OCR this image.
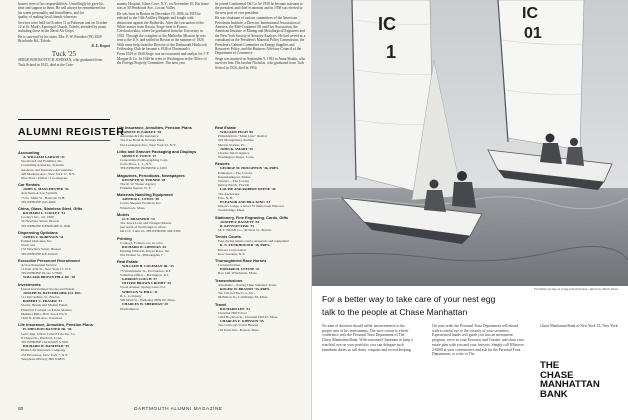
honors were of his responsibilities. Unwillingly he gave his time and support to them. He will always be remembered for his warm personality and friendliness, and for
quality of making loyal friends wherever
Services were held on October 11 at Patterson and on October 12 at St. Mark's Episcopal Church, Toledo, attended by many including those in the Naval Air Corps.
He is survived by his sister, Mrs. F. W. Paradise (59) 3029 Brookside Rd., Toledo.
R. E. Bogart
Tuck '25
SERGE BORISOVITCH JOHNSEN, who graduated from Tuck School in 1925, died at the Com-
munity Hospital, Glens Cove, N.Y., on November 10. His home was at 30 Pembrook Ave., Locust Valley.
He was born in Boston on December 19, 1896. In 1918 he enlisted in the 13th Artillery Brigade and fought with distinction against the Boilerriks. After the evacuation of the White armies from Russia, Serge went to France, Czechoslovakia, where he graduated from the University in 1925. Through the complete of the Methodist Mission he was sent to the U.S. and settled in Boston in the summer of 1926. With some help from the Director of the Dartmouth Hitchcock Fellowship Club he became a 1938 of Dartmouth's
From 1929 to 1940 Serge was an economist and analyst for J. P. Morgan & Co. In 1940 he went to Washington in the Office of the Foreign Property Committee. The next year
he joined Continental Oil Co. he 1958 he became assistant to the president and chief economist and in 1958 was elected to the new post of vice president.
He was chairman of various committees of the American Petroleum Institute; a Director, International Association of America, the Mid-Continent Oil and Gas Association, the American Institute of Mining and Metallurgical Engineers and the New York Society of Security Analysts. He had served as a consultant on the President's Material Policy Commission, the President's Cabinet Committee on Energy Supplies and Resources Policy, and the Business Advisory Council of the Department of Commerce.
Serge was married on September 9, 1933 to Anna Shakin, who survives him. His brother Nicholas, who graduated from Tuck School in 1926, died in 1954.
ALUMNI REGISTER
Accounting
A. WILLIAM LARSON '31
Woodward and Fondiller, Inc.
Consulting Actuaries, Systems
Analysis, and Insurance Accountants
420 Madison Ave., New York 17, N.Y.
New York • Dallas • Los Angeles
Car Rentals
JOHN G. MANCHESTER '33
Avis Rent-A-Car Systems
73 So. Main St., Hanover, N.H.
TELEPHONE 643-4060
China, Glass, Stainless Steel, Gifts
RICHARD L. COOLEY '41
Cooley's Inc., est. 1860
34 Newbury Street, Boston
TELEPHONE KENMORE 6-1646
Dispensing Opticians
JAMES V. ROBINSON '31
Pollard Opticians, Inc.
Street and
153 Newbury Street, Boston
TELEPHONE KE 6-0643
Executive Personnel Recruitment
Action Personnel Service
11 East 47th St., New York 17, N.Y.
TELEPHONE PLaza 3-7860
WILLIAM BROWN HILL JR. '28
Investments
Listed and Unlisted Stocks and Bonds
JOSEPH M. BATCHELDER CO. INC.
111 Devonshire St., Boston
ROBERT C. FRASER '37
Stocks, Bonds and Mutual Funds
Financial Counsel on Estate Matters
Member Phila.-Balt. Stock Exch.
1616 N. Palm Ave., Pasadena
Life Insurance, Annuities, Pension Plans
H. SHELDON BAXTER JR. '36
Genl. Mgr. Union Central Life Ins. Co.
8 Chapel St., Hartford, Conn.
TELEPHONE JACKSON 5-7601
RICHARD W. BANFIELD '35
Home Life Insurance Company
253 Broadway, New York 7, N.Y.
Telephone MUrray Hill 8-6855
Life Insurance, Annuities, Pension Plans
ERNEST H. EARLEY '18
Annuities & Life Insurance
Tax-free Bond & Savings Plans
641 Lexington Ave., New York 22, N.Y.
Litho and Gravure Packaging and Displays
SIDNEY F. VOICE '27
Consolidated Lithographing Corp.
Carle Place, L. I., N.Y.
TELEPHONE PIONEER 2-1200
Magazines, Periodicals, Newspapers
KENNETH W. TURNER '28
The R. W. Turner Agency
Franklin Square, N. Y.
Materials Handling Equipment
ARTHUR L. LEWIS '28
Lewis-Shepard Products, Inc.
Watertown, Mass.
Motels
O. E. BRAINERD '14
The Jones Lewi and Triangle Motels
just north of Northampton, Mass.
On U.S. 5 and 10, TELEPHONE 584-5300
Printing
Catalogs, Folders, etc. in color
RICHARD W. LIPPMAN '42
Printing Division, Kayes Press, Inc.
910 Walnut St., Philadelphia 7
Real Estate
WILLIAM H. COLEMAN JR. '25
75 Westminster St., Providence, R.I.
Suburban Office—Barrington, R.I.
GORDON COUCH '37
OLIVER BROWN CROSBY '35
Wood Avenue, Spring Lake, N.J.
WHELON W. HILL '11
R. L. Company
596 Main St., Wellesley Hills 82, Mass.
CHARLES W. SHERMAN '29
Northampton
Real Estate
WILLIAM PUGH '65
Philadelphia's "Main Line" Realtor
919 Montgomery Avenue
Merion Station, Pa.
JOHN K. SMART '35
Charles Smart Agency
Washington Depot, Conn.
Resorts
GEORGE M. HOUGHTON '36, PRES.
Innkeeper—The Colony
Kennebunkport, Maine
Winters—The Colony
Delray Beach, Florida
LOUISE AND ROBERT KEENE '30
The Anchorage
Erie, N. H.
ELEANOR AND BILL KING '23
Dixon's Lodge, a resort 55 miles from Hanover
Stockbridge, Mass.
Stationery, Fine Engraving, Cards, Gifts
JOSEPH F. BASSETT '35
R. KENYON FISK '35
M. T. Bird & Co., 39 West St., Boston
Tennis Courts
Fast-drying tennis courts, materials and equipment
R. N. FUNKHOUSER '38, PRES.
Har-tru Corporation
Kew Gardens, N.Y.
Thoroughbred Race Horses
Licensed trainer
EDWARD H. LEVINE '51
Box 148, Winchester, Mass.
Transmissions
Automatic—Saving Time Standard Trans.
ROGER W. BRANDT '33, PRES.
Tel. Oil and Fuel Co., Inc.
86 Belton St., Cambridge 39, Mass.
Travel
RICHARD LEE '51
Chestnut Hill Travel
1203 Boylston St., Chestnut Hill 67, Mass.
CHARLES F. JOHNSON '55
The Griswold Travel Bureau
116 Kent Ave., Boston, Mass.
80	DARTMOUTH ALUMNI MAGAZINE
IC
1
IC
01
Frostbite racing on Long Island Sound—photo by Mark Shaw
For a better way to take care of your nest egg
talk to the people at Chase Manhattan
No man of decision should suffer inconvenience to the proper care of his investments. The wise course is a brief conference with the Personal Trust Department of The Chase Manhattan Bank. With seasoned Chasemen to keep a watchful eye on your portfolio, you can delegate such humdrum duties as call dates, coupons and record keeping.
On your order the Personal Trust Department will attend with a careful eye to the custody of your securities. Experienced hands will guide you into an investment program, serve as your Executor and Trustee, and chart your estate plan with you and your lawyers. Simply call HAnover 2-6000 at your convenience and ask for the Personal Trust Department, or write to The
Chase Manhattan Bank at New York 15, New York.
THE
CHASE
MANHATTAN
BANK
